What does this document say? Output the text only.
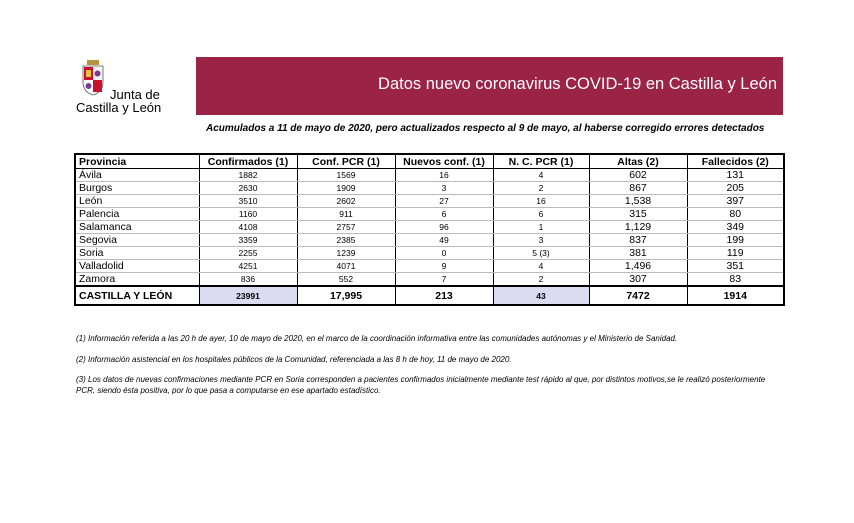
Junta de
Castilla y León
Datos nuevo coronavirus COVID-19 en Castilla y León
Acumulados a 11 de mayo de 2020, pero actualizados respecto al 9 de mayo, al haberse corregido errores detectados
Provincia	Confirmados (1)	Conf. PCR (1)	Nuevos conf. (1)	N. C. PCR (1)	Altas (2)	Fallecidos (2)
Ávila	1882	1569	16	4	602	131
Burgos	2630	1909	3	2	867	205
León	3510	2602	27	16	1,538	397
Palencia	1160	911	6	6	315	80
Salamanca	4108	2757	96	1	1,129	349
Segovia	3359	2385	49	3	837	199
Soria	2255	1239	0	5 (3)	381	119
Valladolid	4251	4071	9	4	1,496	351
Zamora	836	552	7	2	307	83
CASTILLA Y LEÓN	23991	17,995	213	43	7472	1914
(1) Información referida a las 20 h de ayer, 10 de mayo de 2020, en el marco de la coordinación informativa entre las comunidades autónomas y el Ministerio de Sanidad.
(2) Información asistencial en los hospitales públicos de la Comunidad, referenciada a las 8 h de hoy, 11 de mayo de 2020.
(3) Los datos de nuevas confirmaciones mediante PCR en Soria corresponden a pacientes confirmados inicialmente mediante test rápido al que, por distintos motivos,se le realizó posteriormente PCR, siendo ésta positiva, por lo que pasa a computarse en ese apartado estadístico.
